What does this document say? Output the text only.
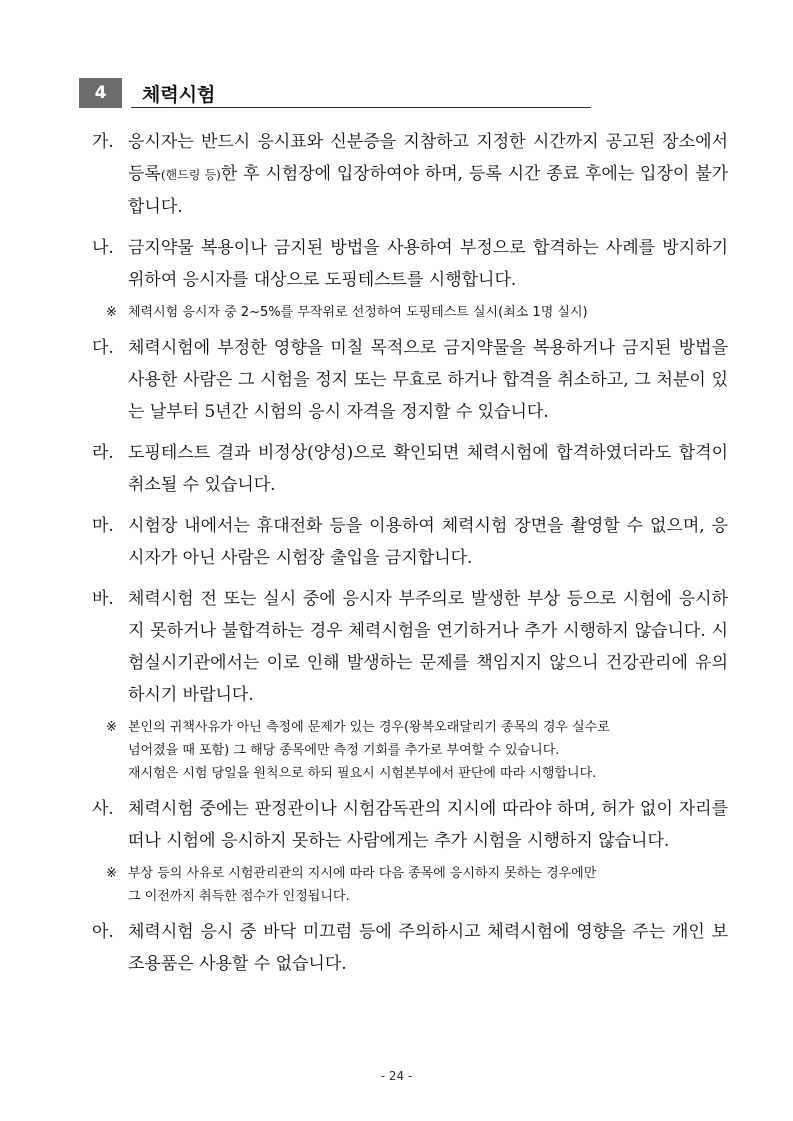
4	체력시험
가. 응시자는 반드시 응시표와 신분증을 지참하고 지정한 시간까지 공고된 장소에서 등록(핸드링 등)한 후 시험장에 입장하여야 하며, 등록 시간 종료 후에는 입장이 불가합니다.
나. 금지약물 복용이나 금지된 방법을 사용하여 부정으로 합격하는 사례를 방지하기 위하여 응시자를 대상으로 도핑테스트를 시행합니다.
※ 체력시험 응시자 중 2~5%를 무작위로 선정하여 도핑테스트 실시(최소 1명 실시)
다. 체력시험에 부정한 영향을 미칠 목적으로 금지약물을 복용하거나 금지된 방법을 사용한 사람은 그 시험을 정지 또는 무효로 하거나 합격을 취소하고, 그 처분이 있는 날부터 5년간 시험의 응시 자격을 정지할 수 있습니다.
라. 도핑테스트 결과 비정상(양성)으로 확인되면 체력시험에 합격하였더라도 합격이 취소될 수 있습니다.
마. 시험장 내에서는 휴대전화 등을 이용하여 체력시험 장면을 촬영할 수 없으며, 응시자가 아닌 사람은 시험장 출입을 금지합니다.
바. 체력시험 전 또는 실시 중에 응시자 부주의로 발생한 부상 등으로 시험에 응시하지 못하거나 불합격하는 경우 체력시험을 연기하거나 추가 시행하지 않습니다. 시험실시기관에서는 이로 인해 발생하는 문제를 책임지지 않으니 건강관리에 유의하시기 바랍니다.
※ 본인의 귀책사유가 아닌 측정에 문제가 있는 경우(왕복오래달리기 종목의 경우 실수로
넘어졌을 때 포함) 그 해당 종목에만 측정 기회를 추가로 부여할 수 있습니다.
재시험은 시험 당일을 원칙으로 하되 필요시 시험본부에서 판단에 따라 시행합니다.
사. 체력시험 중에는 판정관이나 시험감독관의 지시에 따라야 하며, 허가 없이 자리를 떠나 시험에 응시하지 못하는 사람에게는 추가 시험을 시행하지 않습니다.
※ 부상 등의 사유로 시험관리관의 지시에 따라 다음 종목에 응시하지 못하는 경우에만
그 이전까지 취득한 점수가 인정됩니다.
아. 체력시험 응시 중 바닥 미끄럼 등에 주의하시고 체력시험에 영향을 주는 개인 보조용품은 사용할 수 없습니다.
- 24 -
